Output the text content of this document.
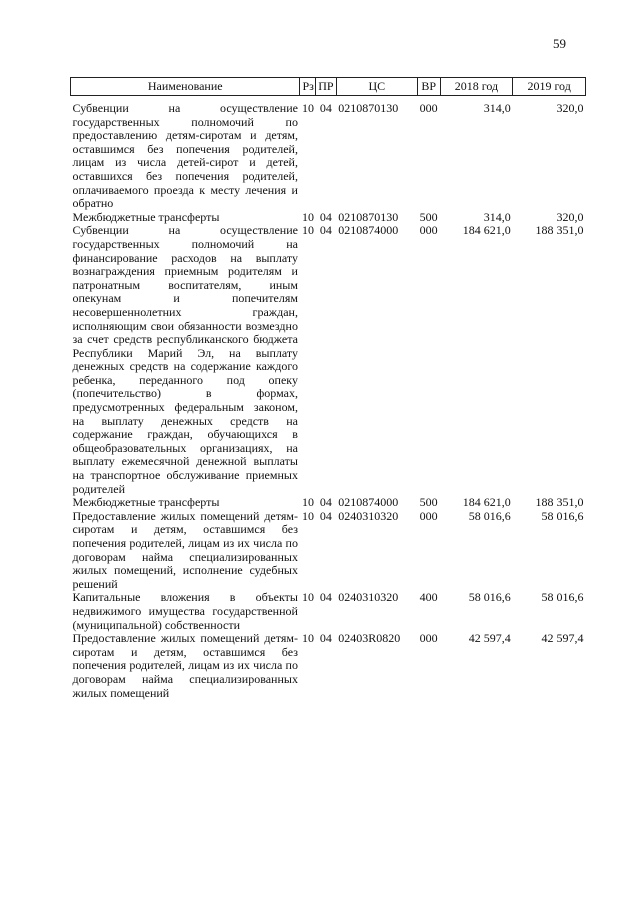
59
Наименование	Рз	ПР	ЦС	ВР	2018 год	2019 год
Субвенции на осуществление государственных полномочий по предоставлению детям-сиротам и детям, оставшимся без попечения родителей, лицам из числа детей-сирот и детей, оставшихся без попечения родителей, оплачиваемого проезда к месту лечения и обратно	10	04	0210870130	000	314,0	320,0
Межбюджетные трансферты	10	04	0210870130	500	314,0	320,0
Субвенции на осуществление государственных полномочий на финансирование расходов на выплату вознаграждения приемным родителям и патронатным воспитателям, иным опекунам и попечителям несовершеннолетних граждан, исполняющим свои обязанности возмездно за счет средств республиканского бюджета Республики Марий Эл, на выплату денежных средств на содержание каждого ребенка, переданного под опеку (попечительство) в формах, предусмотренных федеральным законом, на выплату денежных средств на содержание граждан, обучающихся в общеобразовательных организациях, на выплату ежемесячной денежной выплаты на транспортное обслуживание приемных родителей	10	04	0210874000	000	184 621,0	188 351,0
Межбюджетные трансферты	10	04	0210874000	500	184 621,0	188 351,0
Предоставление жилых помещений детям-сиротам и детям, оставшимся без попечения родителей, лицам из их числа по договорам найма специализированных жилых помещений, исполнение судебных решений	10	04	0240310320	000	58 016,6	58 016,6
Капитальные вложения в объекты недвижимого имущества государственной (муниципальной) собственности	10	04	0240310320	400	58 016,6	58 016,6
Предоставление жилых помещений детям-сиротам и детям, оставшимся без попечения родителей, лицам из их числа по договорам найма специализированных жилых помещений	10	04	02403R0820	000	42 597,4	42 597,4
